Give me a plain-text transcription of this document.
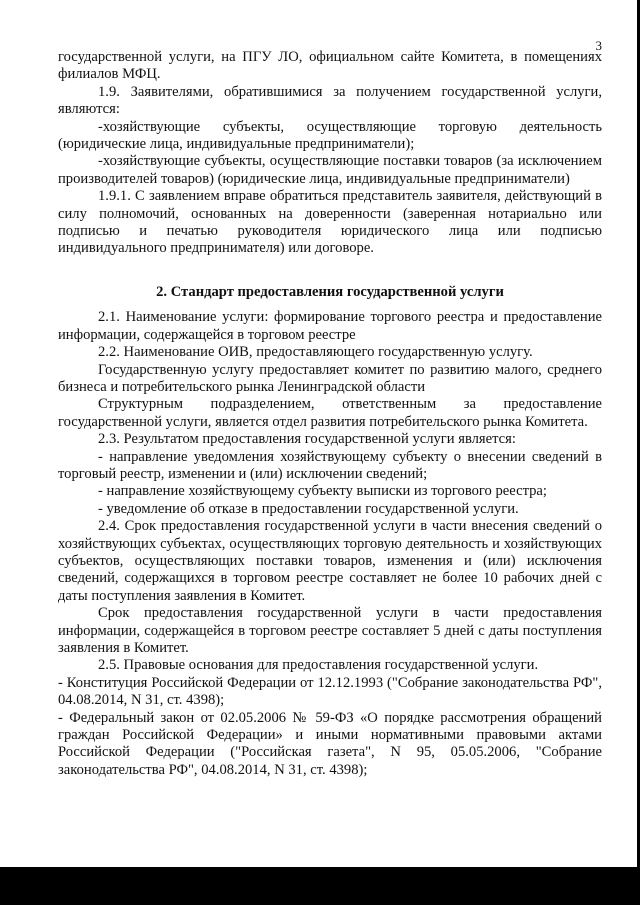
3

государственной услуги, на ПГУ ЛО, официальном сайте Комитета, в помещениях филиалов МФЦ.

1.9. Заявителями, обратившимися за получением государственной услуги, являются:

-хозяйствующие субъекты, осуществляющие торговую деятельность (юридические лица, индивидуальные предприниматели);

-хозяйствующие субъекты, осуществляющие поставки товаров (за исключением производителей товаров) (юридические лица, индивидуальные предприниматели)

1.9.1. С заявлением вправе обратиться представитель заявителя, действующий в силу полномочий, основанных на доверенности (заверенная нотариально или подписью и печатью руководителя юридического лица или подписью индивидуального предпринимателя) или договоре.

2. Стандарт предоставления государственной услуги

2.1. Наименование услуги: формирование торгового реестра и предоставление информации, содержащейся в торговом реестре

2.2. Наименование ОИВ, предоставляющего государственную услугу.

Государственную услугу предоставляет комитет по развитию малого, среднего бизнеса и потребительского рынка Ленинградской области

Структурным подразделением, ответственным за предоставление государственной услуги, является отдел развития потребительского рынка Комитета.

2.3. Результатом предоставления государственной услуги является:

- направление уведомления хозяйствующему субъекту о внесении сведений в торговый реестр, изменении и (или) исключении сведений;

- направление хозяйствующему субъекту выписки из торгового реестра;

- уведомление об отказе в предоставлении государственной услуги.

2.4. Срок предоставления государственной услуги в части внесения сведений о хозяйствующих субъектах, осуществляющих торговую деятельность и хозяйствующих субъектов, осуществляющих поставки товаров, изменения и (или) исключения сведений, содержащихся в торговом реестре составляет не более 10 рабочих дней с даты поступления заявления в Комитет.

Срок предоставления государственной услуги в части предоставления информации, содержащейся в торговом реестре составляет 5 дней с даты поступления заявления в Комитет.

2.5. Правовые основания для предоставления государственной услуги.

- Конституция Российской Федерации от 12.12.1993 ("Собрание законодательства РФ", 04.08.2014, N 31, ст. 4398);

- Федеральный закон от 02.05.2006 № 59-ФЗ «О порядке рассмотрения обращений граждан Российской Федерации» и иными нормативными правовыми актами Российской Федерации ("Российская газета", N 95, 05.05.2006, "Собрание законодательства РФ", 04.08.2014, N 31, ст. 4398);
